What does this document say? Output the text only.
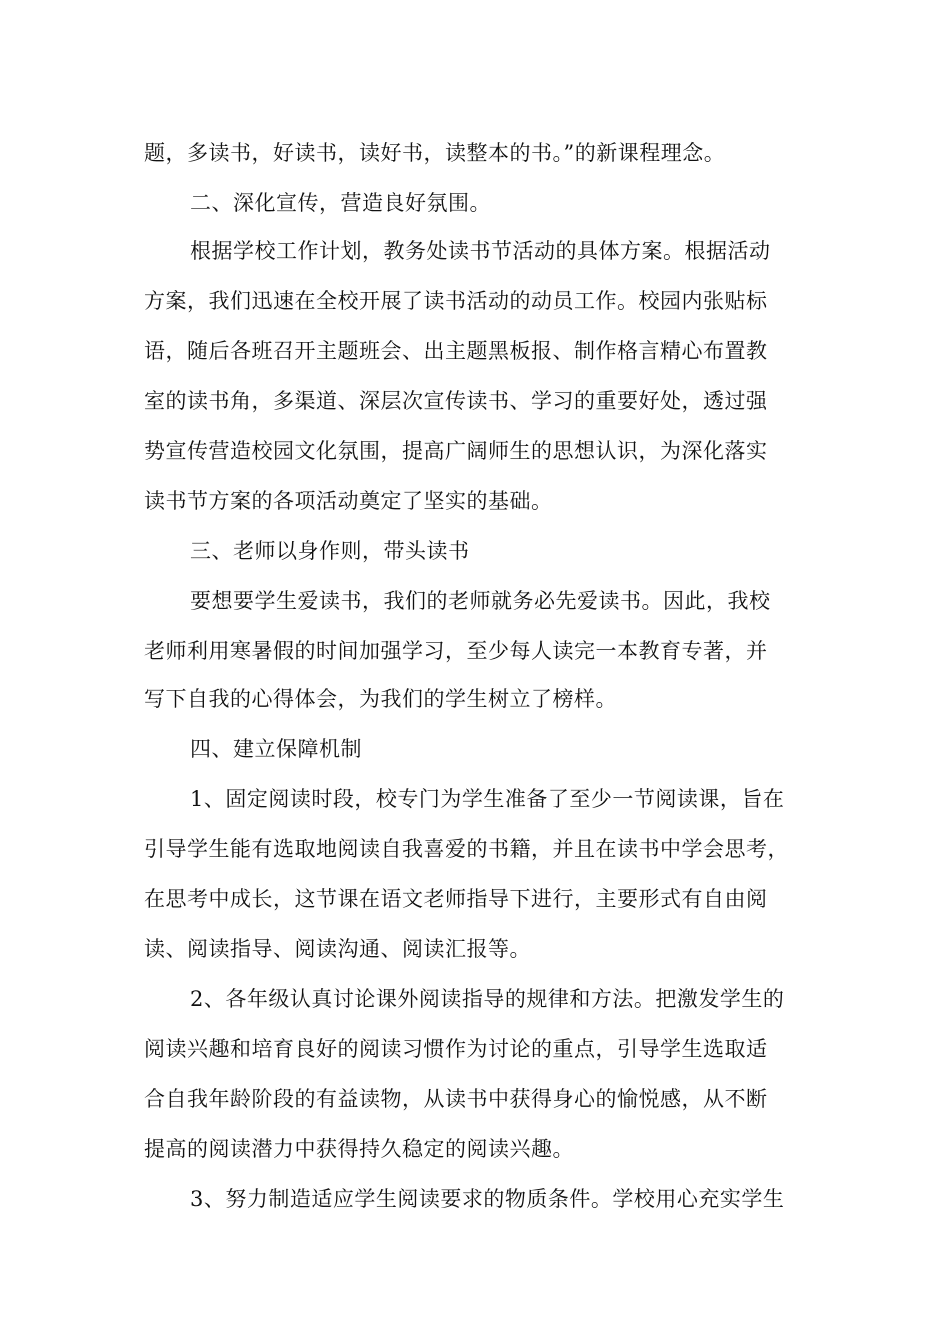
题，多读书，好读书，读好书，读整本的书。”的新课程理念。
二、深化宣传，营造良好氛围。
根据学校工作计划，教务处读书节活动的具体方案。根据活动
方案，我们迅速在全校开展了读书活动的动员工作。校园内张贴标
语，随后各班召开主题班会、出主题黑板报、制作格言精心布置教
室的读书角，多渠道、深层次宣传读书、学习的重要好处，透过强
势宣传营造校园文化氛围，提高广阔师生的思想认识，为深化落实
读书节方案的各项活动奠定了坚实的基础。
三、老师以身作则，带头读书
要想要学生爱读书，我们的老师就务必先爱读书。因此，我校
老师利用寒暑假的时间加强学习，至少每人读完一本教育专著，并
写下自我的心得体会，为我们的学生树立了榜样。
四、建立保障机制
1、固定阅读时段，校专门为学生准备了至少一节阅读课，旨在
引导学生能有选取地阅读自我喜爱的书籍，并且在读书中学会思考，
在思考中成长，这节课在语文老师指导下进行，主要形式有自由阅
读、阅读指导、阅读沟通、阅读汇报等。
2、各年级认真讨论课外阅读指导的规律和方法。把激发学生的
阅读兴趣和培育良好的阅读习惯作为讨论的重点，引导学生选取适
合自我年龄阶段的有益读物，从读书中获得身心的愉悦感，从不断
提高的阅读潜力中获得持久稳定的阅读兴趣。
3、努力制造适应学生阅读要求的物质条件。学校用心充实学生
